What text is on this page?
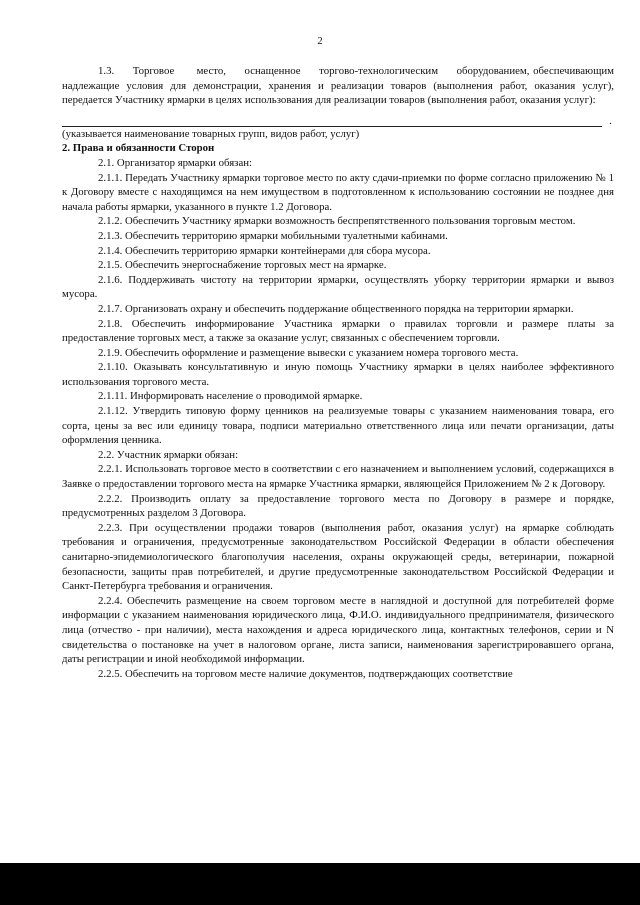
2

1.3.     Торговое      место,     оснащенное     торгово-технологическим     оборудованием, обеспечивающим надлежащие условия для демонстрации, хранения и реализации товаров (выполнения работ, оказания услуг), передается Участнику ярмарки в целях использования для реализации товаров (выполнения работ, оказания услуг):

.

(указывается наименование товарных групп, видов работ, услуг)

2. Права и обязанности Сторон

2.1. Организатор ярмарки обязан:

2.1.1. Передать Участнику ярмарки торговое место по акту сдачи-приемки по форме согласно приложению № 1 к Договору вместе с находящимся на нем имуществом в подготовленном к использованию состоянии не позднее дня начала работы ярмарки, указанного в пункте 1.2 Договора.

2.1.2. Обеспечить Участнику ярмарки возможность беспрепятственного пользования торговым местом.

2.1.3. Обеспечить территорию ярмарки мобильными туалетными кабинами.

2.1.4. Обеспечить территорию ярмарки контейнерами для сбора мусора.

2.1.5. Обеспечить энергоснабжение торговых мест на ярмарке.

2.1.6. Поддерживать чистоту на территории ярмарки, осуществлять уборку территории ярмарки и вывоз мусора.

2.1.7. Организовать охрану и обеспечить поддержание общественного порядка на территории ярмарки.

2.1.8. Обеспечить информирование Участника ярмарки о правилах торговли и размере платы за предоставление торговых мест, а также за оказание услуг, связанных с обеспечением торговли.

2.1.9. Обеспечить оформление и размещение вывески с указанием номера торгового места.

2.1.10. Оказывать консультативную и иную помощь Участнику ярмарки в целях наиболее эффективного использования торгового места.

2.1.11. Информировать население о проводимой ярмарке.

2.1.12. Утвердить типовую форму ценников на реализуемые товары с указанием наименования товара, его сорта, цены за вес или единицу товара, подписи материально ответственного лица или печати организации, даты оформления ценника.

2.2. Участник ярмарки обязан:

2.2.1. Использовать торговое место в соответствии с его назначением и выполнением условий, содержащихся в Заявке о предоставлении торгового места на ярмарке Участника ярмарки, являющейся Приложением № 2 к Договору.

2.2.2. Производить оплату за предоставление торгового места по Договору в размере и порядке, предусмотренных разделом 3 Договора.

2.2.3. При осуществлении продажи товаров (выполнения работ, оказания услуг) на ярмарке соблюдать требования и ограничения, предусмотренные законодательством Российской Федерации в области обеспечения санитарно-эпидемиологического благополучия населения, охраны окружающей среды, ветеринарии, пожарной безопасности, защиты прав потребителей, и другие предусмотренные законодательством Российской Федерации и Санкт-Петербурга требования и ограничения.

2.2.4. Обеспечить размещение на своем торговом месте в наглядной и доступной для потребителей форме информации с указанием наименования юридического лица, Ф.И.О. индивидуального предпринимателя, физического лица (отчество - при наличии), места нахождения и адреса юридического лица, контактных телефонов, серии и N свидетельства о постановке на учет в налоговом органе, листа записи, наименования зарегистрировавшего органа, даты регистрации и иной необходимой информации.

2.2.5. Обеспечить на торговом месте наличие документов, подтверждающих соответствие
